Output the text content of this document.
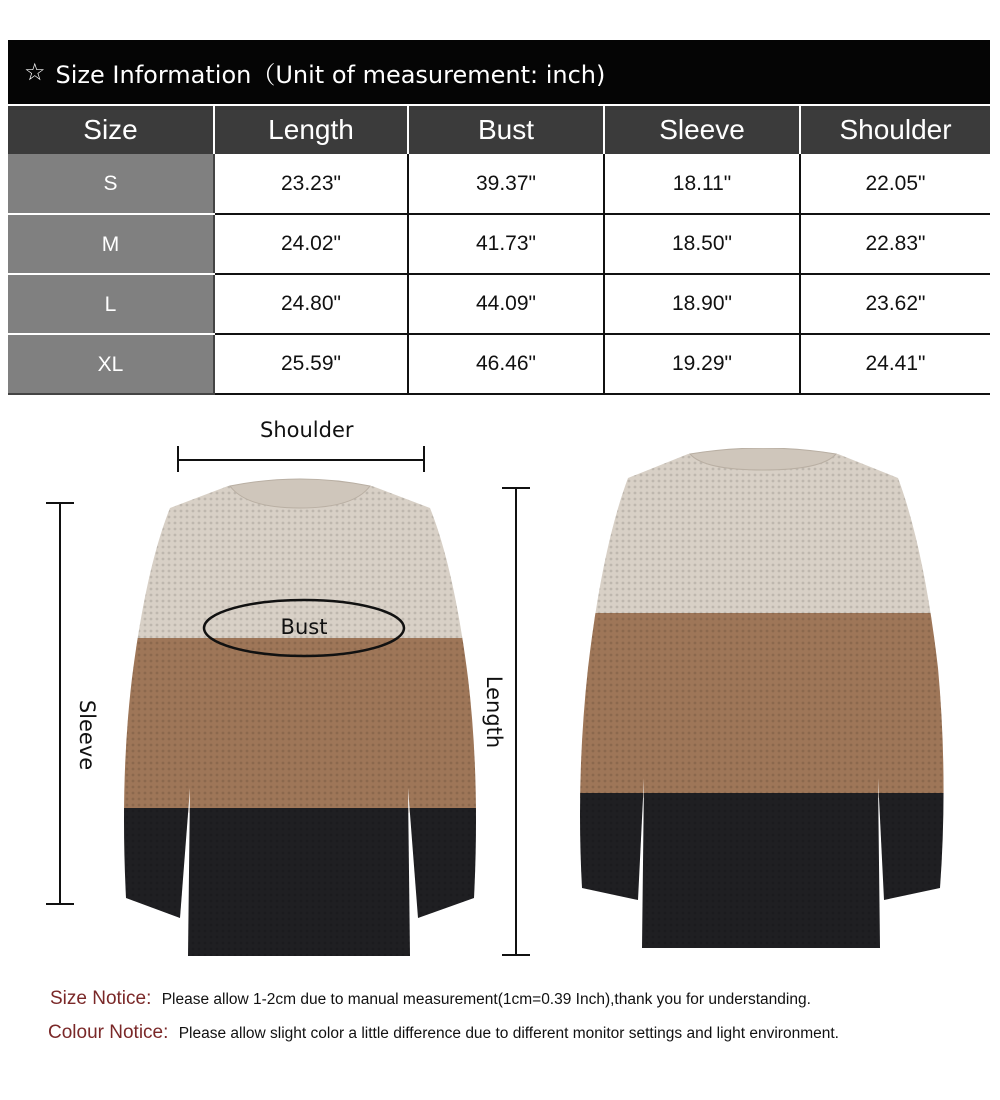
☆ Size Information（Unit of measurement: inch)
Size	Length	Bust	Sleeve	Shoulder
S	23.23"	39.37"	18.11"	22.05"
M	24.02"	41.73"	18.50"	22.83"
L	24.80"	44.09"	18.90"	23.62"
XL	25.59"	46.46"	19.29"	24.41"
Shoulder
Sleeve	Length
Bust
Size Notice: Please allow 1-2cm due to manual measurement(1cm=0.39 Inch),thank you for understanding.
Colour Notice: Please allow slight color a little difference due to different monitor settings and light environment.
